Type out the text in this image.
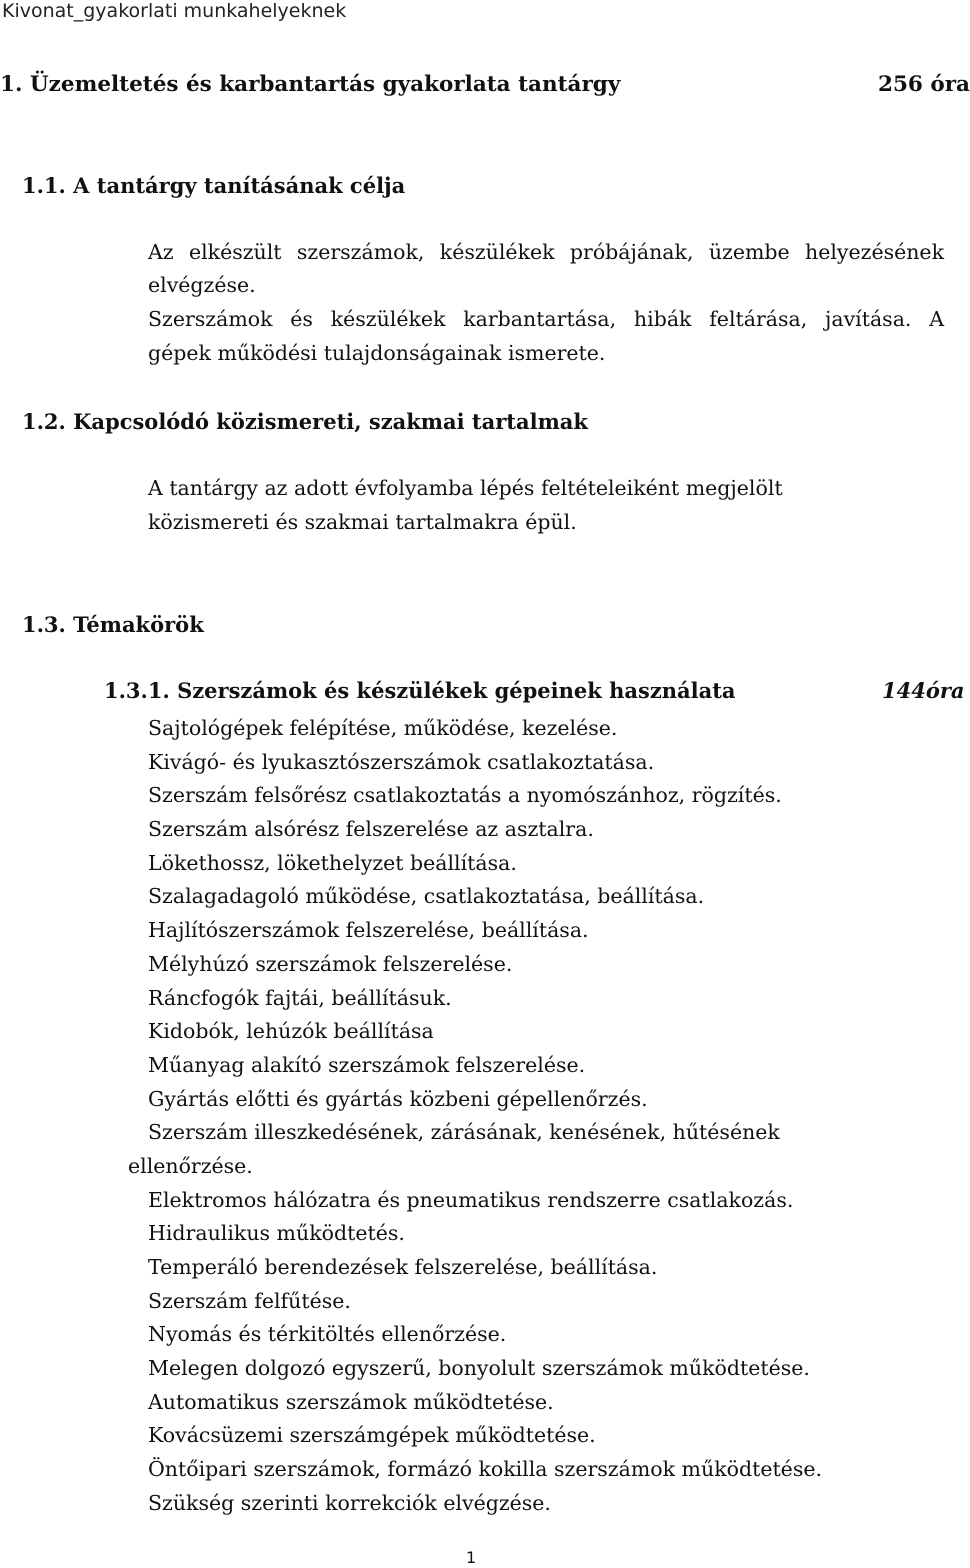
Kivonat_gyakorlati munkahelyeknek
1. Üzemeltetés és karbantartás gyakorlata tantárgy	256 óra
1.1. A tantárgy tanításának célja
Az elkészült szerszámok, készülékek próbájának, üzembe helyezésének
elvégzése.
Szerszámok és készülékek karbantartása, hibák feltárása, javítása. A
gépek működési tulajdonságainak ismerete.
1.2. Kapcsolódó közismereti, szakmai tartalmak
A tantárgy az adott évfolyamba lépés feltételeiként megjelölt
közismereti és szakmai tartalmakra épül.
1.3. Témakörök
1.3.1. Szerszámok és készülékek gépeinek használata	144óra
Sajtológépek felépítése, működése, kezelése.
Kivágó- és lyukasztószerszámok csatlakoztatása.
Szerszám felsőrész csatlakoztatás a nyomószánhoz, rögzítés.
Szerszám alsórész felszerelése az asztalra.
Lökethossz, lökethelyzet beállítása.
Szalagadagoló működése, csatlakoztatása, beállítása.
Hajlítószerszámok felszerelése, beállítása.
Mélyhúzó szerszámok felszerelése.
Ráncfogók fajtái, beállításuk.
Kidobók, lehúzók beállítása
Műanyag alakító szerszámok felszerelése.
Gyártás előtti és gyártás közbeni gépellenőrzés.
Szerszám illeszkedésének, zárásának, kenésének, hűtésének
ellenőrzése.
Elektromos hálózatra és pneumatikus rendszerre csatlakozás.
Hidraulikus működtetés.
Temperáló berendezések felszerelése, beállítása.
Szerszám felfűtése.
Nyomás és térkitöltés ellenőrzése.
Melegen dolgozó egyszerű, bonyolult szerszámok működtetése.
Automatikus szerszámok működtetése.
Kovácsüzemi szerszámgépek működtetése.
Öntőipari szerszámok, formázó kokilla szerszámok működtetése.
Szükség szerinti korrekciók elvégzése.
1
